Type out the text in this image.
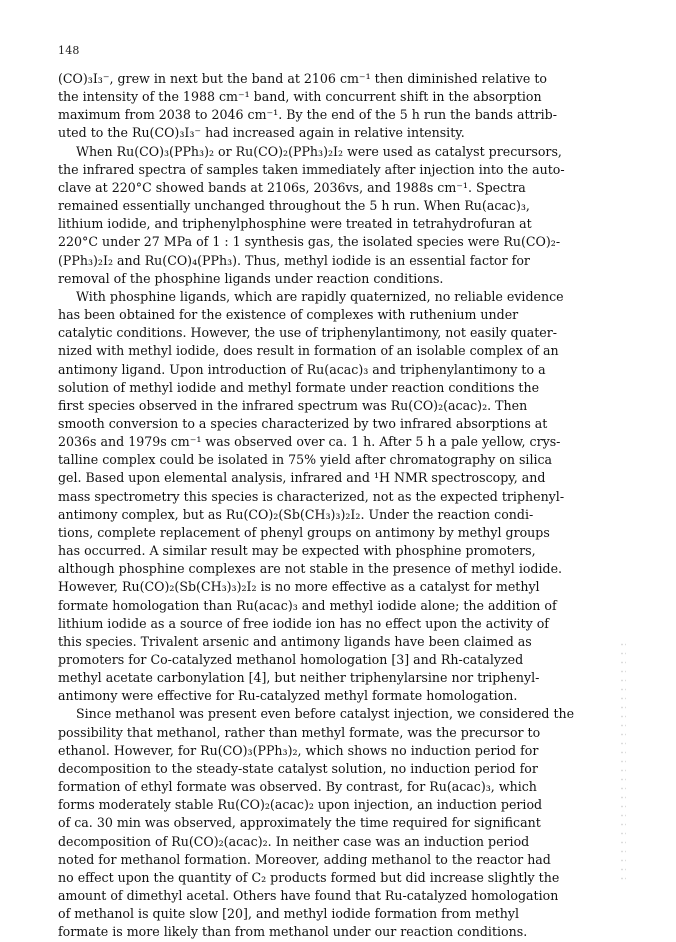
148
(CO)₃I₃⁻, grew in next but the band at 2106 cm⁻¹ then diminished relative to
the intensity of the 1988 cm⁻¹ band, with concurrent shift in the absorption
maximum from 2038 to 2046 cm⁻¹. By the end of the 5 h run the bands attrib-
uted to the Ru(CO)₃I₃⁻ had increased again in relative intensity.
When Ru(CO)₃(PPh₃)₂ or Ru(CO)₂(PPh₃)₂I₂ were used as catalyst precursors,
the infrared spectra of samples taken immediately after injection into the auto-
clave at 220°C showed bands at 2106s, 2036vs, and 1988s cm⁻¹. Spectra
remained essentially unchanged throughout the 5 h run. When Ru(acac)₃,
lithium iodide, and triphenylphosphine were treated in tetrahydrofuran at
220°C under 27 MPa of 1 : 1 synthesis gas, the isolated species were Ru(CO)₂-
(PPh₃)₂I₂ and Ru(CO)₄(PPh₃). Thus, methyl iodide is an essential factor for
removal of the phosphine ligands under reaction conditions.
With phosphine ligands, which are rapidly quaternized, no reliable evidence
has been obtained for the existence of complexes with ruthenium under
catalytic conditions. However, the use of triphenylantimony, not easily quater-
nized with methyl iodide, does result in formation of an isolable complex of an
antimony ligand. Upon introduction of Ru(acac)₃ and triphenylantimony to a
solution of methyl iodide and methyl formate under reaction conditions the
first species observed in the infrared spectrum was Ru(CO)₂(acac)₂. Then
smooth conversion to a species characterized by two infrared absorptions at
2036s and 1979s cm⁻¹ was observed over ca. 1 h. After 5 h a pale yellow, crys-
talline complex could be isolated in 75% yield after chromatography on silica
gel. Based upon elemental analysis, infrared and ¹H NMR spectroscopy, and
mass spectrometry this species is characterized, not as the expected triphenyl-
antimony complex, but as Ru(CO)₂(Sb(CH₃)₃)₂I₂. Under the reaction condi-
tions, complete replacement of phenyl groups on antimony by methyl groups
has occurred. A similar result may be expected with phosphine promoters,
although phosphine complexes are not stable in the presence of methyl iodide.
However, Ru(CO)₂(Sb(CH₃)₃)₂I₂ is no more effective as a catalyst for methyl
formate homologation than Ru(acac)₃ and methyl iodide alone; the addition of
lithium iodide as a source of free iodide ion has no effect upon the activity of
this species. Trivalent arsenic and antimony ligands have been claimed as
promoters for Co-catalyzed methanol homologation [3] and Rh-catalyzed
methyl acetate carbonylation [4], but neither triphenylarsine nor triphenyl-
antimony were effective for Ru-catalyzed methyl formate homologation.
Since methanol was present even before catalyst injection, we considered the
possibility that methanol, rather than methyl formate, was the precursor to
ethanol. However, for Ru(CO)₃(PPh₃)₂, which shows no induction period for
decomposition to the steady-state catalyst solution, no induction period for
formation of ethyl formate was observed. By contrast, for Ru(acac)₃, which
forms moderately stable Ru(CO)₂(acac)₂ upon injection, an induction period
of ca. 30 min was observed, approximately the time required for significant
decomposition of Ru(CO)₂(acac)₂. In neither case was an induction period
noted for methanol formation. Moreover, adding methanol to the reactor had
no effect upon the quantity of C₂ products formed but did increase slightly the
amount of dimethyl acetal. Others have found that Ru-catalyzed homologation
of methanol is quite slow [20], and methyl iodide formation from methyl
formate is more likely than from methanol under our reaction conditions.
